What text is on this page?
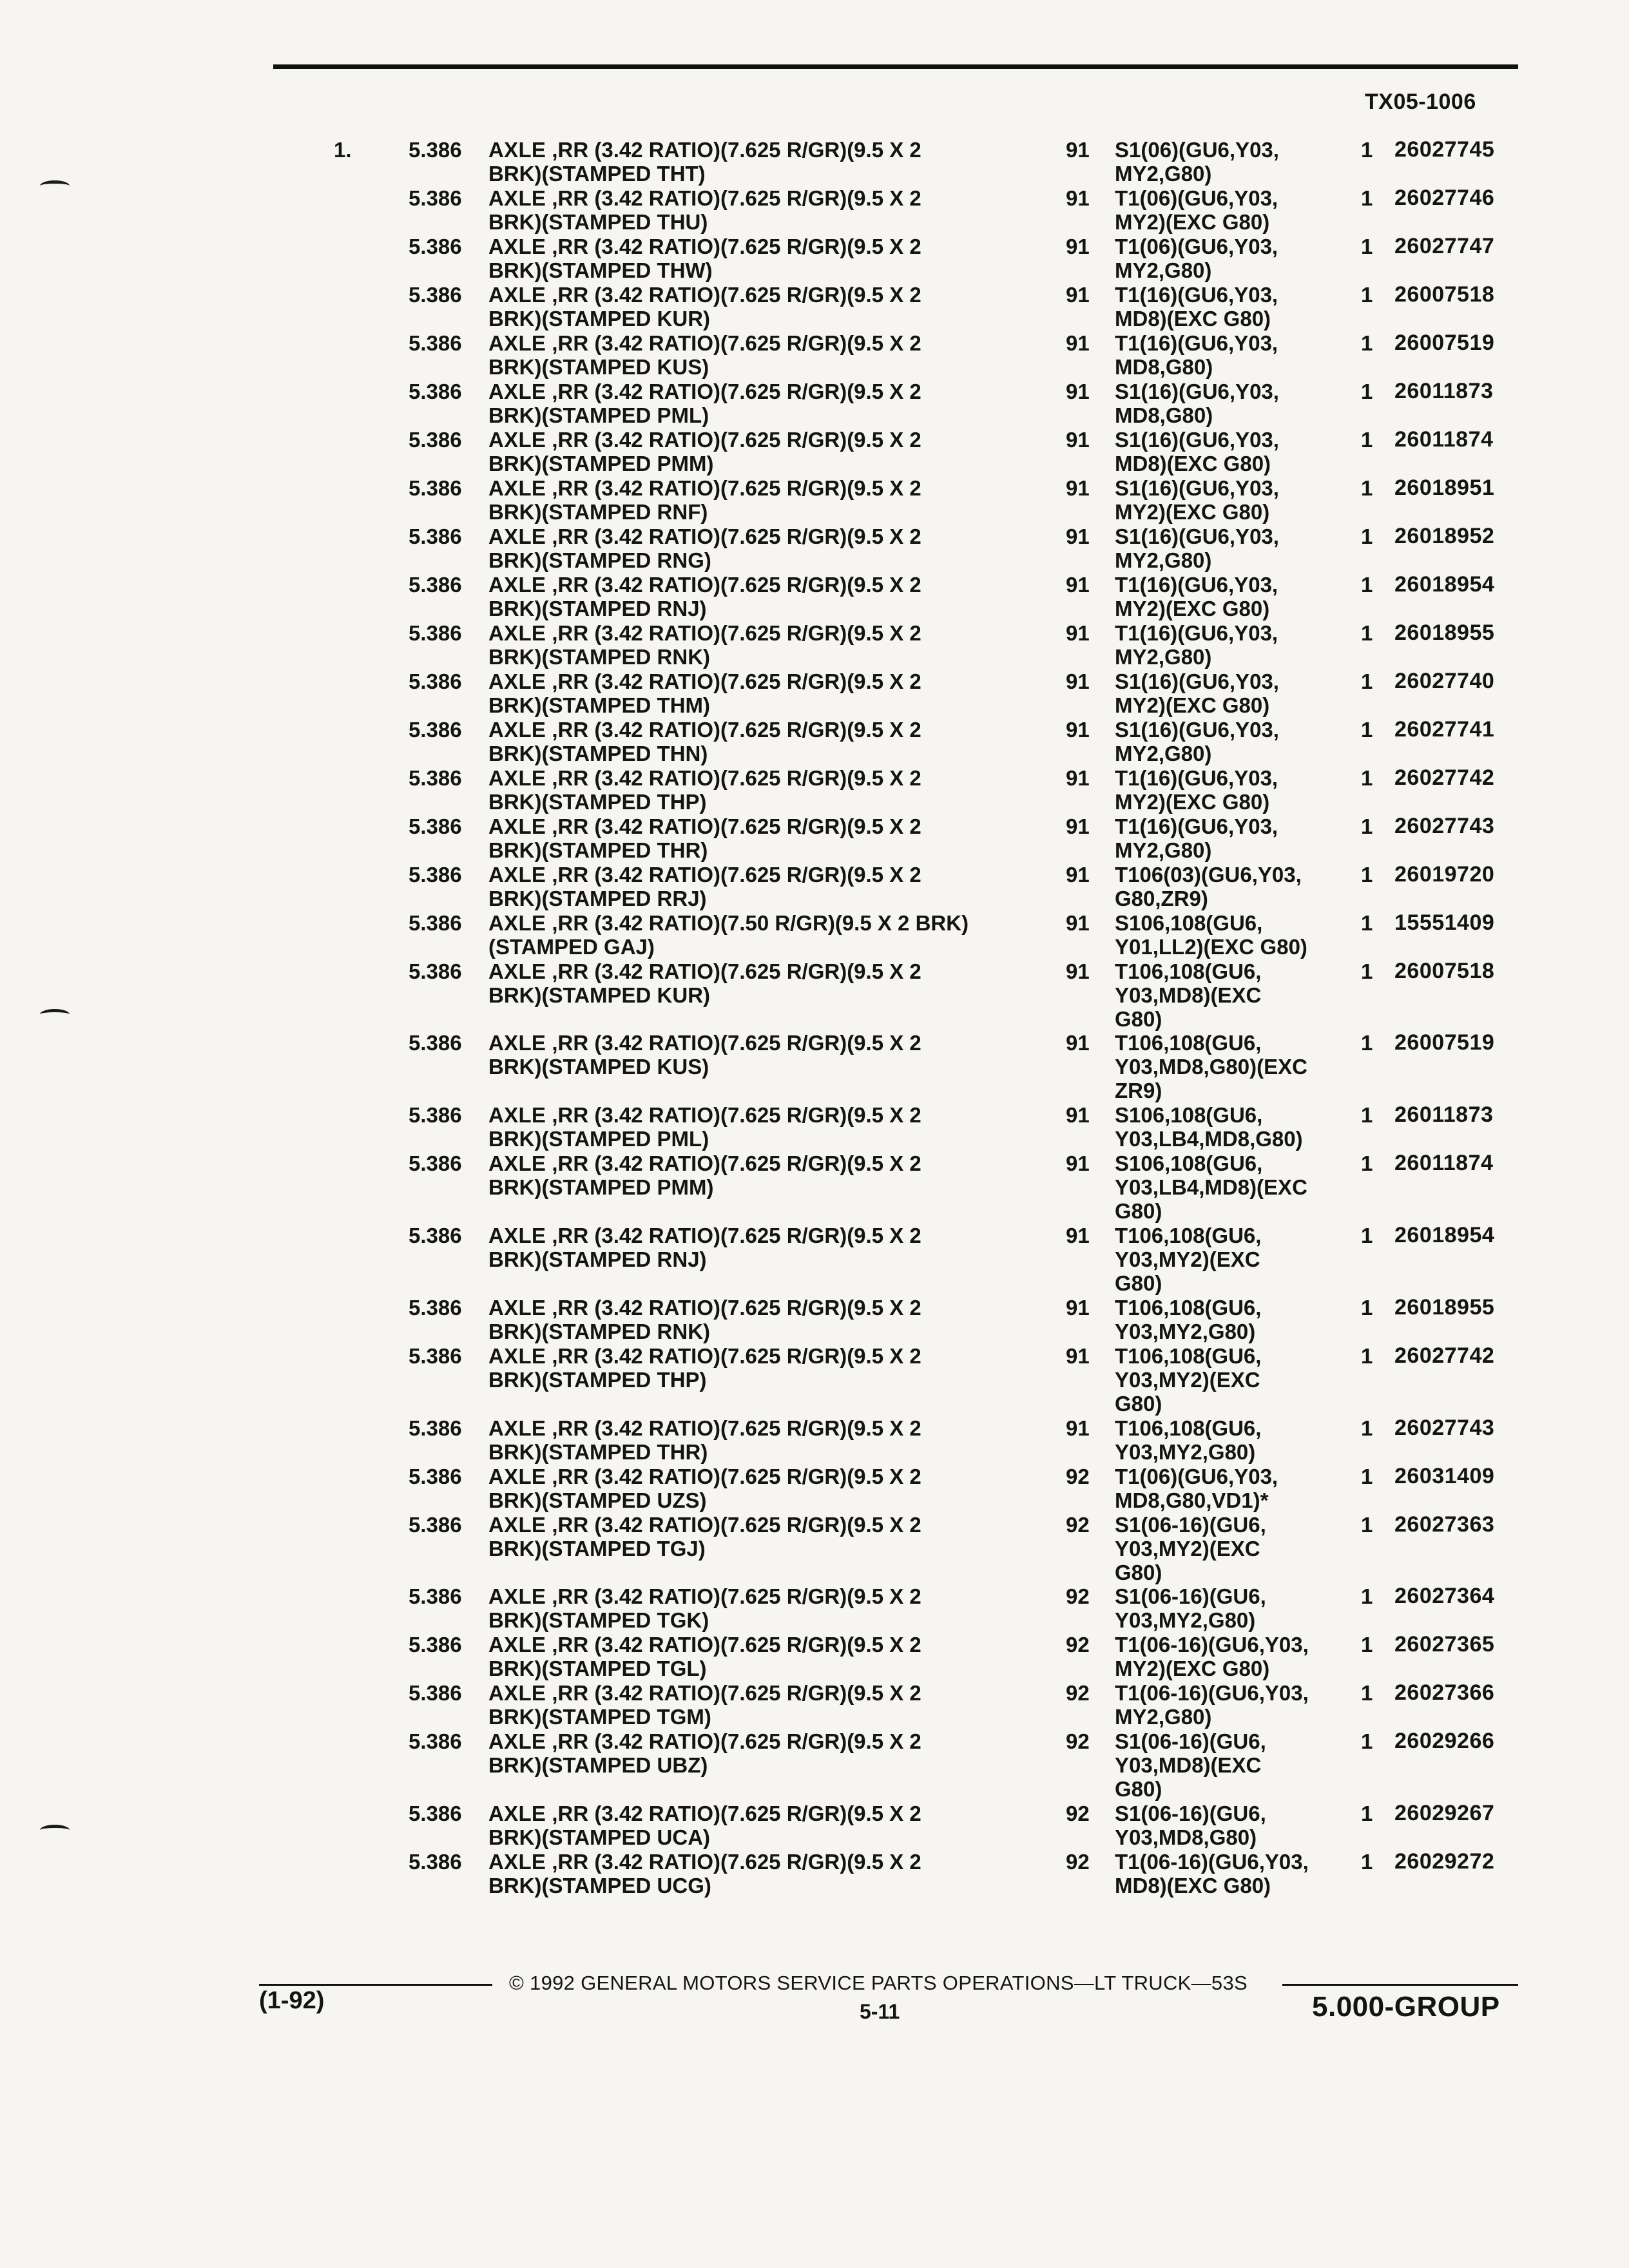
TX05-1006
1.	5.386 AXLE ,RR (3.42 RATIO)(7.625 R/GR)(9.5 X 2
BRK)(STAMPED THT)
91 S1(06)(GU6,Y03,
MY2,G80)
1 26027745
5.386 AXLE ,RR (3.42 RATIO)(7.625 R/GR)(9.5 X 2
BRK)(STAMPED THU)
91 T1(06)(GU6,Y03,
MY2)(EXC G80)
1 26027746
5.386 AXLE ,RR (3.42 RATIO)(7.625 R/GR)(9.5 X 2
BRK)(STAMPED THW)
91 T1(06)(GU6,Y03,
MY2,G80)
1 26027747
5.386 AXLE ,RR (3.42 RATIO)(7.625 R/GR)(9.5 X 2
BRK)(STAMPED KUR)
91 T1(16)(GU6,Y03,
MD8)(EXC G80)
1 26007518
5.386 AXLE ,RR (3.42 RATIO)(7.625 R/GR)(9.5 X 2
BRK)(STAMPED KUS)
91 T1(16)(GU6,Y03,
MD8,G80)
1 26007519
5.386 AXLE ,RR (3.42 RATIO)(7.625 R/GR)(9.5 X 2
BRK)(STAMPED PML)
91 S1(16)(GU6,Y03,
MD8,G80)
1 26011873
5.386 AXLE ,RR (3.42 RATIO)(7.625 R/GR)(9.5 X 2
BRK)(STAMPED PMM)
91 S1(16)(GU6,Y03,
MD8)(EXC G80)
1 26011874
5.386 AXLE ,RR (3.42 RATIO)(7.625 R/GR)(9.5 X 2
BRK)(STAMPED RNF)
91 S1(16)(GU6,Y03,
MY2)(EXC G80)
1 26018951
5.386 AXLE ,RR (3.42 RATIO)(7.625 R/GR)(9.5 X 2
BRK)(STAMPED RNG)
91 S1(16)(GU6,Y03,
MY2,G80)
1 26018952
5.386 AXLE ,RR (3.42 RATIO)(7.625 R/GR)(9.5 X 2
BRK)(STAMPED RNJ)
91 T1(16)(GU6,Y03,
MY2)(EXC G80)
1 26018954
5.386 AXLE ,RR (3.42 RATIO)(7.625 R/GR)(9.5 X 2
BRK)(STAMPED RNK)
91 T1(16)(GU6,Y03,
MY2,G80)
1 26018955
5.386 AXLE ,RR (3.42 RATIO)(7.625 R/GR)(9.5 X 2
BRK)(STAMPED THM)
91 S1(16)(GU6,Y03,
MY2)(EXC G80)
1 26027740
5.386 AXLE ,RR (3.42 RATIO)(7.625 R/GR)(9.5 X 2
BRK)(STAMPED THN)
91 S1(16)(GU6,Y03,
MY2,G80)
1 26027741
5.386 AXLE ,RR (3.42 RATIO)(7.625 R/GR)(9.5 X 2
BRK)(STAMPED THP)
91 T1(16)(GU6,Y03,
MY2)(EXC G80)
1 26027742
5.386 AXLE ,RR (3.42 RATIO)(7.625 R/GR)(9.5 X 2
BRK)(STAMPED THR)
91 T1(16)(GU6,Y03,
MY2,G80)
1 26027743
5.386 AXLE ,RR (3.42 RATIO)(7.625 R/GR)(9.5 X 2
BRK)(STAMPED RRJ)
91 T106(03)(GU6,Y03,
G80,ZR9)
1 26019720
5.386 AXLE ,RR (3.42 RATIO)(7.50 R/GR)(9.5 X 2 BRK)
(STAMPED GAJ)
91 S106,108(GU6,
Y01,LL2)(EXC G80)
1 15551409
5.386 AXLE ,RR (3.42 RATIO)(7.625 R/GR)(9.5 X 2
BRK)(STAMPED KUR)
91 T106,108(GU6,
Y03,MD8)(EXC
G80)
1 26007518
5.386 AXLE ,RR (3.42 RATIO)(7.625 R/GR)(9.5 X 2
BRK)(STAMPED KUS)
91 T106,108(GU6,
Y03,MD8,G80)(EXC
ZR9)
1 26007519
5.386 AXLE ,RR (3.42 RATIO)(7.625 R/GR)(9.5 X 2
BRK)(STAMPED PML)
91 S106,108(GU6,
Y03,LB4,MD8,G80)
1 26011873
5.386 AXLE ,RR (3.42 RATIO)(7.625 R/GR)(9.5 X 2
BRK)(STAMPED PMM)
91 S106,108(GU6,
Y03,LB4,MD8)(EXC
G80)
1 26011874
5.386 AXLE ,RR (3.42 RATIO)(7.625 R/GR)(9.5 X 2
BRK)(STAMPED RNJ)
91 T106,108(GU6,
Y03,MY2)(EXC
G80)
1 26018954
5.386 AXLE ,RR (3.42 RATIO)(7.625 R/GR)(9.5 X 2
BRK)(STAMPED RNK)
91 T106,108(GU6,
Y03,MY2,G80)
1 26018955
5.386 AXLE ,RR (3.42 RATIO)(7.625 R/GR)(9.5 X 2
BRK)(STAMPED THP)
91 T106,108(GU6,
Y03,MY2)(EXC
G80)
1 26027742
5.386 AXLE ,RR (3.42 RATIO)(7.625 R/GR)(9.5 X 2
BRK)(STAMPED THR)
91 T106,108(GU6,
Y03,MY2,G80)
1 26027743
5.386 AXLE ,RR (3.42 RATIO)(7.625 R/GR)(9.5 X 2
BRK)(STAMPED UZS)
92 T1(06)(GU6,Y03,
MD8,G80,VD1)*
1 26031409
5.386 AXLE ,RR (3.42 RATIO)(7.625 R/GR)(9.5 X 2
BRK)(STAMPED TGJ)
92 S1(06-16)(GU6,
Y03,MY2)(EXC
G80)
1 26027363
5.386 AXLE ,RR (3.42 RATIO)(7.625 R/GR)(9.5 X 2
BRK)(STAMPED TGK)
92 S1(06-16)(GU6,
Y03,MY2,G80)
1 26027364
5.386 AXLE ,RR (3.42 RATIO)(7.625 R/GR)(9.5 X 2
BRK)(STAMPED TGL)
92 T1(06-16)(GU6,Y03,
MY2)(EXC G80)
1 26027365
5.386 AXLE ,RR (3.42 RATIO)(7.625 R/GR)(9.5 X 2
BRK)(STAMPED TGM)
92 T1(06-16)(GU6,Y03,
MY2,G80)
1 26027366
5.386 AXLE ,RR (3.42 RATIO)(7.625 R/GR)(9.5 X 2
BRK)(STAMPED UBZ)
92 S1(06-16)(GU6,
Y03,MD8)(EXC
G80)
1 26029266
5.386 AXLE ,RR (3.42 RATIO)(7.625 R/GR)(9.5 X 2
BRK)(STAMPED UCA)
92 S1(06-16)(GU6,
Y03,MD8,G80)
1 26029267
5.386 AXLE ,RR (3.42 RATIO)(7.625 R/GR)(9.5 X 2
BRK)(STAMPED UCG)
92 T1(06-16)(GU6,Y03,
MD8)(EXC G80)
1 26029272
© 1992 GENERAL MOTORS SERVICE PARTS OPERATIONS—LT TRUCK—53S
(1-92)	5-11	5.000-GROUP
